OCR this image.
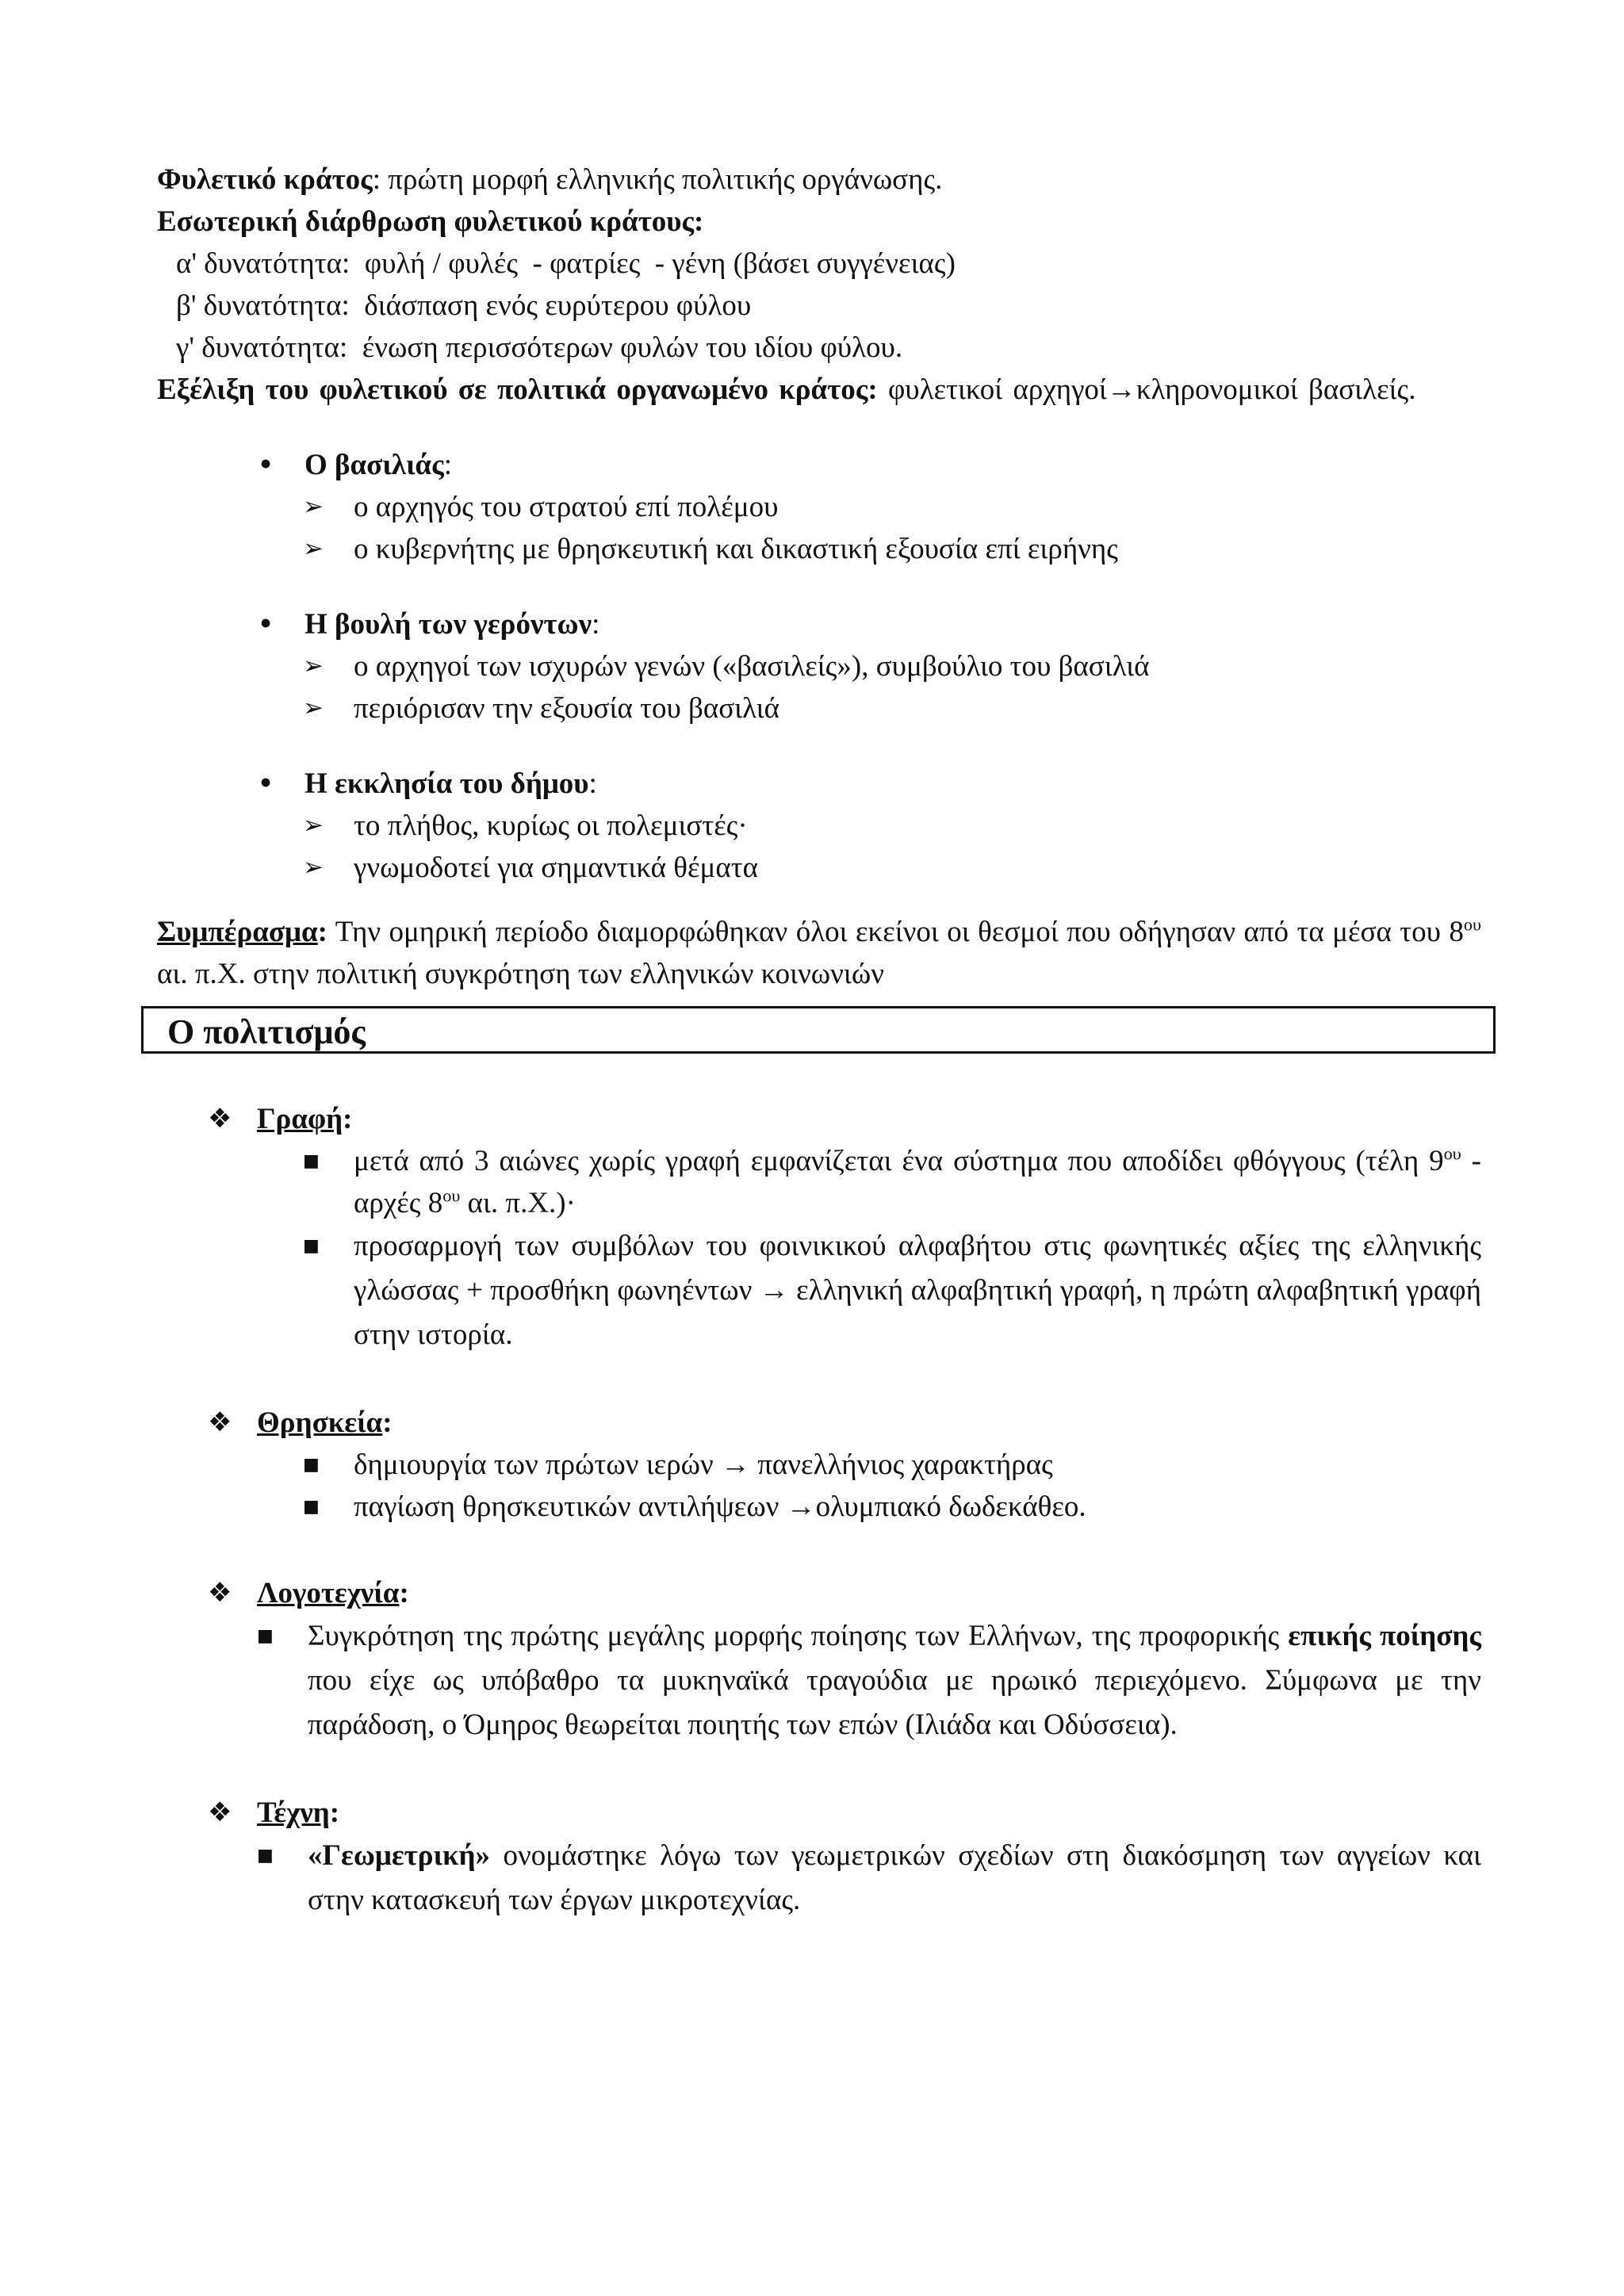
Φυλετικό κράτος: πρώτη μορφή ελληνικής πολιτικής οργάνωσης.
Εσωτερική διάρθρωση φυλετικού κράτους:
α' δυνατότητα:  φυλή / φυλές  - φατρίες  - γένη (βάσει συγγένειας)
β' δυνατότητα:  διάσπαση ενός ευρύτερου φύλου
γ' δυνατότητα:  ένωση περισσότερων φυλών του ιδίου φύλου.
Εξέλιξη του φυλετικού σε πολιτικά οργανωμένο κράτος: φυλετικοί αρχηγοί→κληρονομικοί βασιλείς.
• Ο βασιλιάς:
➢ ο αρχηγός του στρατού επί πολέμου
➢ ο κυβερνήτης με θρησκευτική και δικαστική εξουσία επί ειρήνης
• Η βουλή των γερόντων:
➢ ο αρχηγοί των ισχυρών γενών («βασιλείς»), συμβούλιο του βασιλιά
➢ περιόρισαν την εξουσία του βασιλιά
• Η εκκλησία του δήμου:
➢ το πλήθος, κυρίως οι πολεμιστές·
➢ γνωμοδοτεί για σημαντικά θέματα
Συμπέρασμα: Την ομηρική περίοδο διαμορφώθηκαν όλοι εκείνοι οι θεσμοί που οδήγησαν από τα μέσα του $8^{o\upsilon}$ αι. π.Χ. στην πολιτική συγκρότηση των ελληνικών κοινωνιών
Ο πολιτισμός
❖ Γραφή:
■ μετά από 3 αιώνες χωρίς γραφή εμφανίζεται ένα σύστημα που αποδίδει φθόγγους (τέλη $9^{o\upsilon}$ - αρχές $8^{o\upsilon}$ αι. π.Χ.)·
■ προσαρμογή των συμβόλων του φοινικικού αλφαβήτου στις φωνητικές αξίες της ελληνικής γλώσσας + προσθήκη φωνηέντων → ελληνική αλφαβητική γραφή, η πρώτη αλφαβητική γραφή στην ιστορία.
❖ Θρησκεία:
■ δημιουργία των πρώτων ιερών → πανελλήνιος χαρακτήρας
■ παγίωση θρησκευτικών αντιλήψεων →ολυμπιακό δωδεκάθεο.
❖ Λογοτεχνία:
■ Συγκρότηση της πρώτης μεγάλης μορφής ποίησης των Ελλήνων, της προφορικής επικής ποίησης που είχε ως υπόβαθρο τα μυκηναϊκά τραγούδια με ηρωικό περιεχόμενο. Σύμφωνα με την παράδοση, ο Όμηρος θεωρείται ποιητής των επών (Ιλιάδα και Οδύσσεια).
❖ Τέχνη:
■ «Γεωμετρική» ονομάστηκε λόγω των γεωμετρικών σχεδίων στη διακόσμηση των αγγείων και στην κατασκευή των έργων μικροτεχνίας.
